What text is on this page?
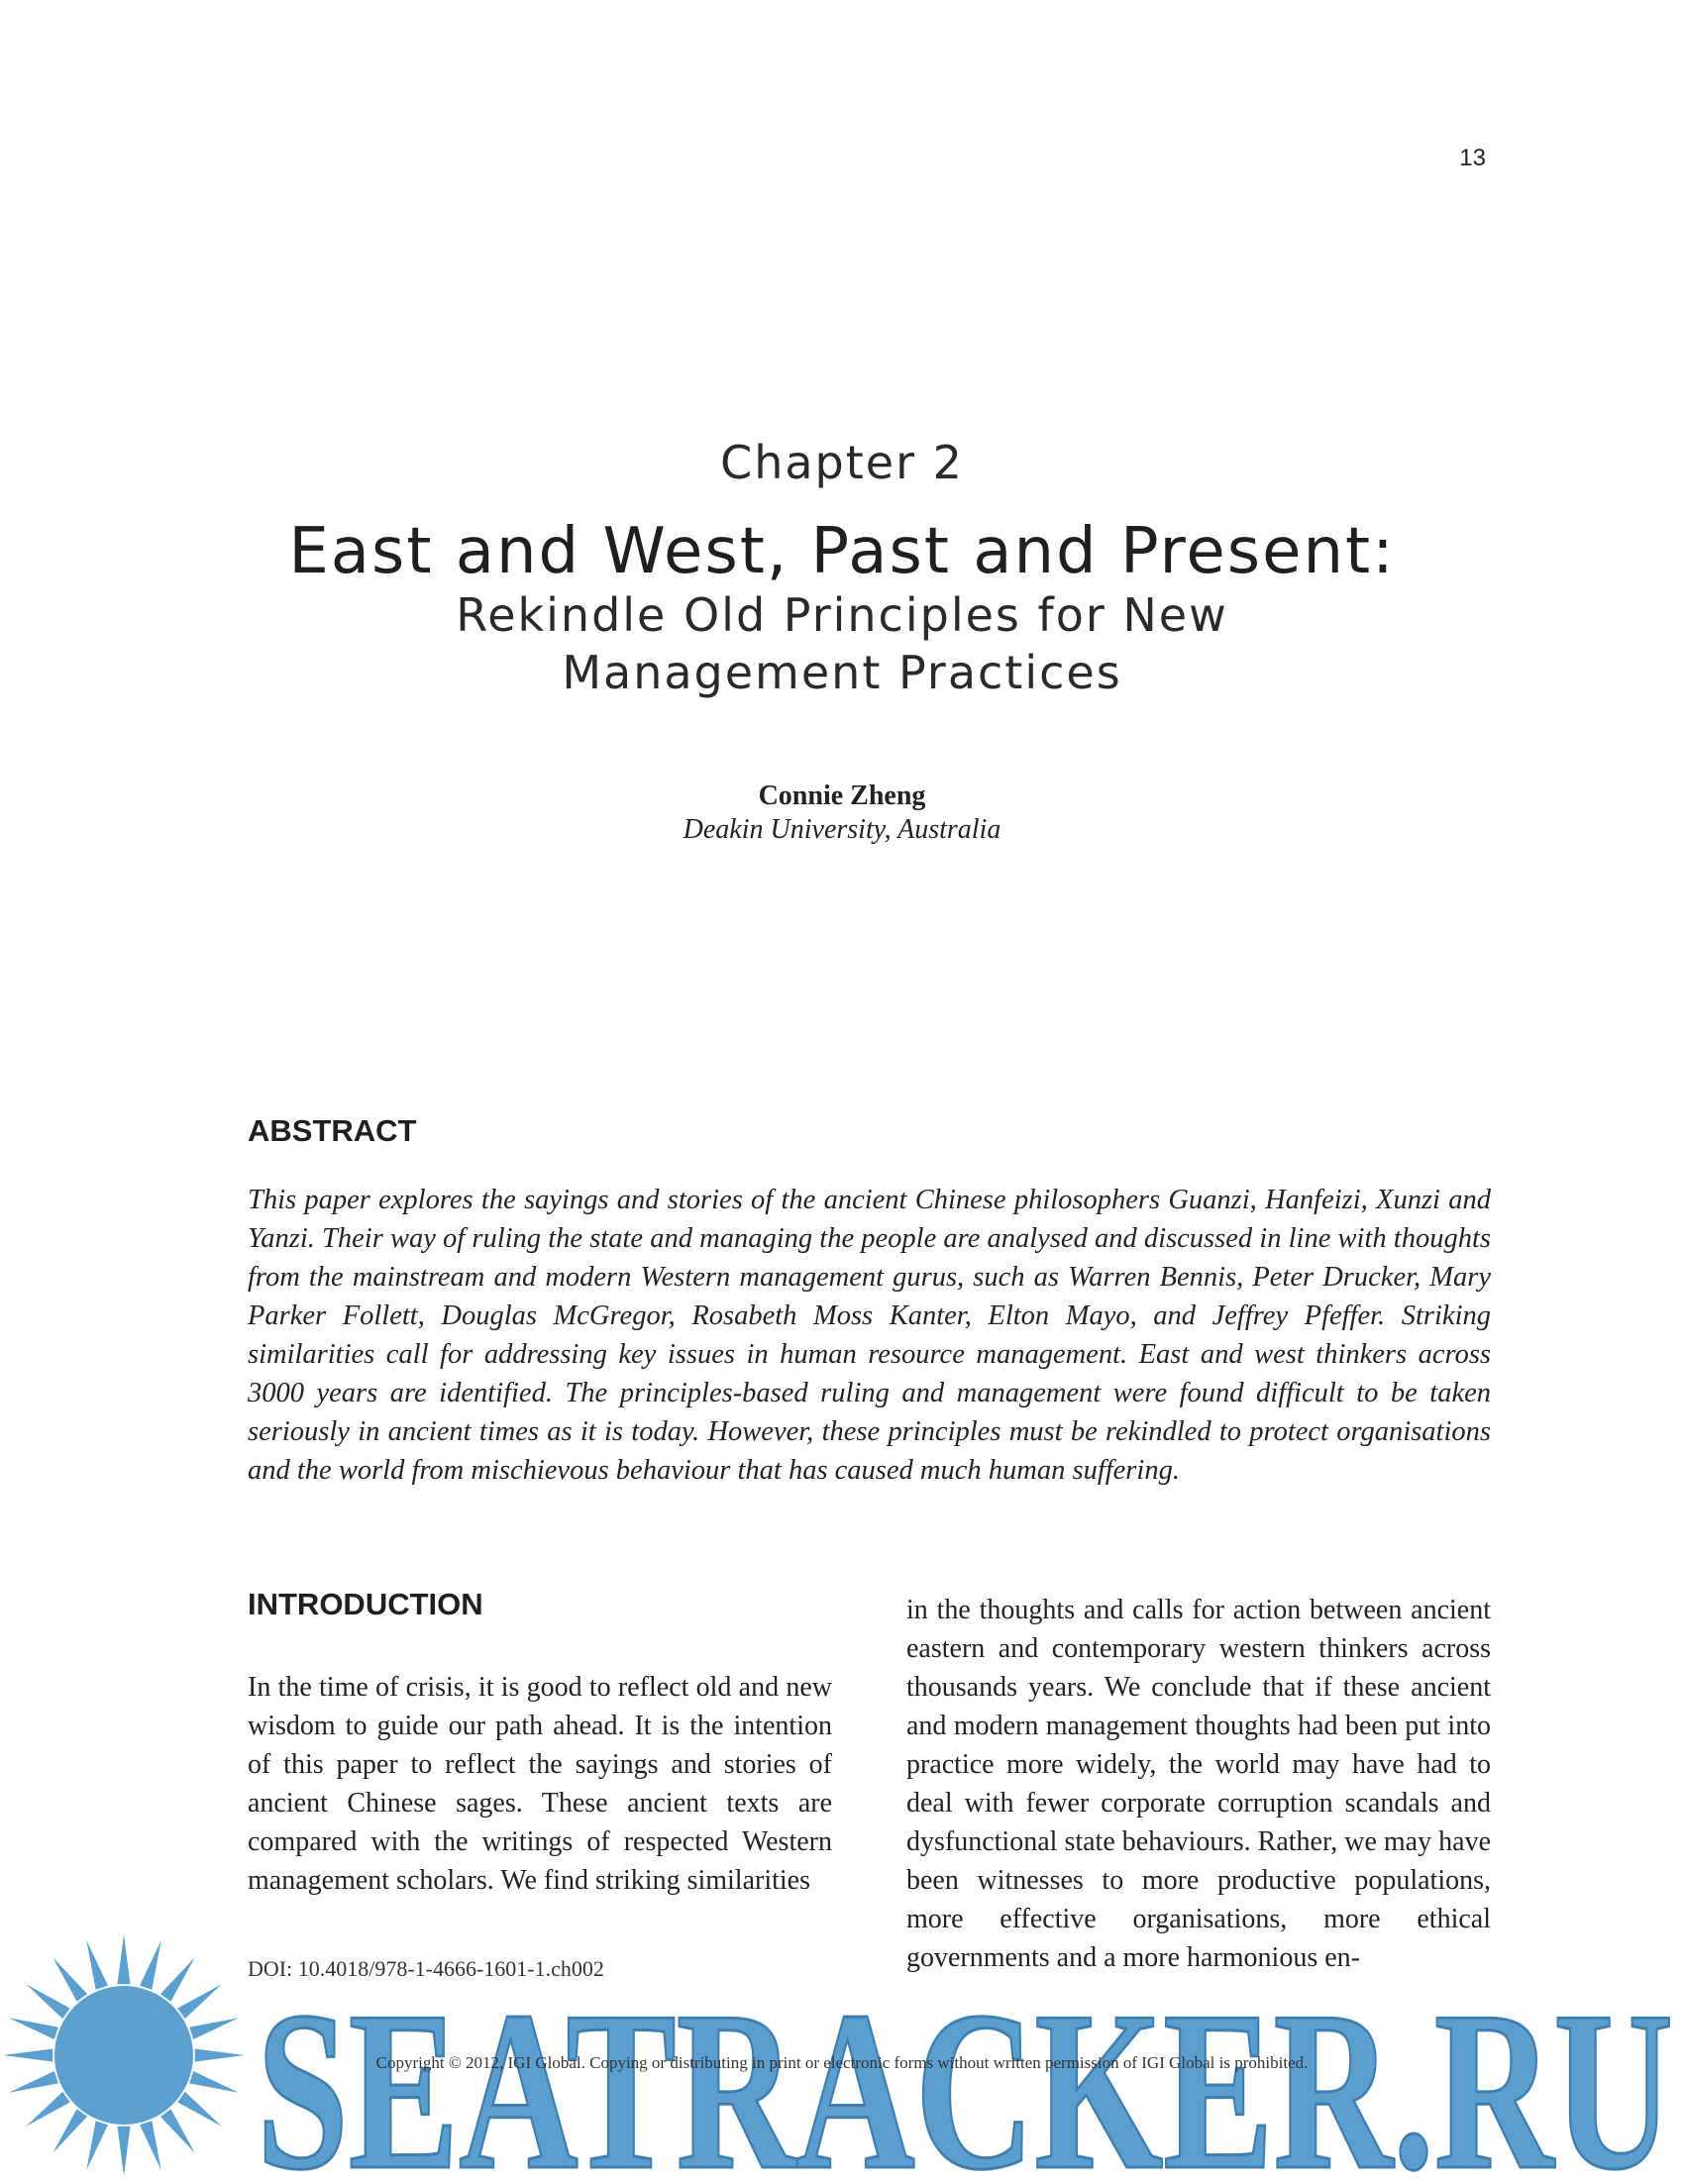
13
Chapter 2
East and West, Past and Present:
Rekindle Old Principles for New
Management Practices
Connie Zheng
Deakin University, Australia
ABSTRACT
This paper explores the sayings and stories of the ancient Chinese philosophers Guanzi, Hanfeizi, Xunzi and Yanzi. Their way of ruling the state and managing the people are analysed and discussed in line with thoughts from the mainstream and modern Western management gurus, such as Warren Bennis, Peter Drucker, Mary Parker Follett, Douglas McGregor, Rosabeth Moss Kanter, Elton Mayo, and Jeffrey Pfeffer. Striking similarities call for addressing key issues in human resource management. East and west thinkers across 3000 years are identified. The principles-based ruling and management were found difficult to be taken seriously in ancient times as it is today. However, these principles must be rekindled to protect organisations and the world from mischievous behaviour that has caused much human suffering.
INTRODUCTION
In the time of crisis, it is good to reflect old and new wisdom to guide our path ahead. It is the intention of this paper to reflect the sayings and stories of ancient Chinese sages. These ancient texts are compared with the writings of respected Western management scholars. We find striking similarities
in the thoughts and calls for action between ancient eastern and contemporary western thinkers across thousands years. We conclude that if these ancient and modern management thoughts had been put into practice more widely, the world may have had to deal with fewer corporate corruption scandals and dysfunctional state behaviours. Rather, we may have been witnesses to more productive populations, more effective organisations, more ethical governments and a more harmonious en-
DOI: 10.4018/978-1-4666-1601-1.ch002
SEATRACKER.RU
Copyright © 2012, IGI Global. Copying or distributing in print or electronic forms without written permission of IGI Global is prohibited.
